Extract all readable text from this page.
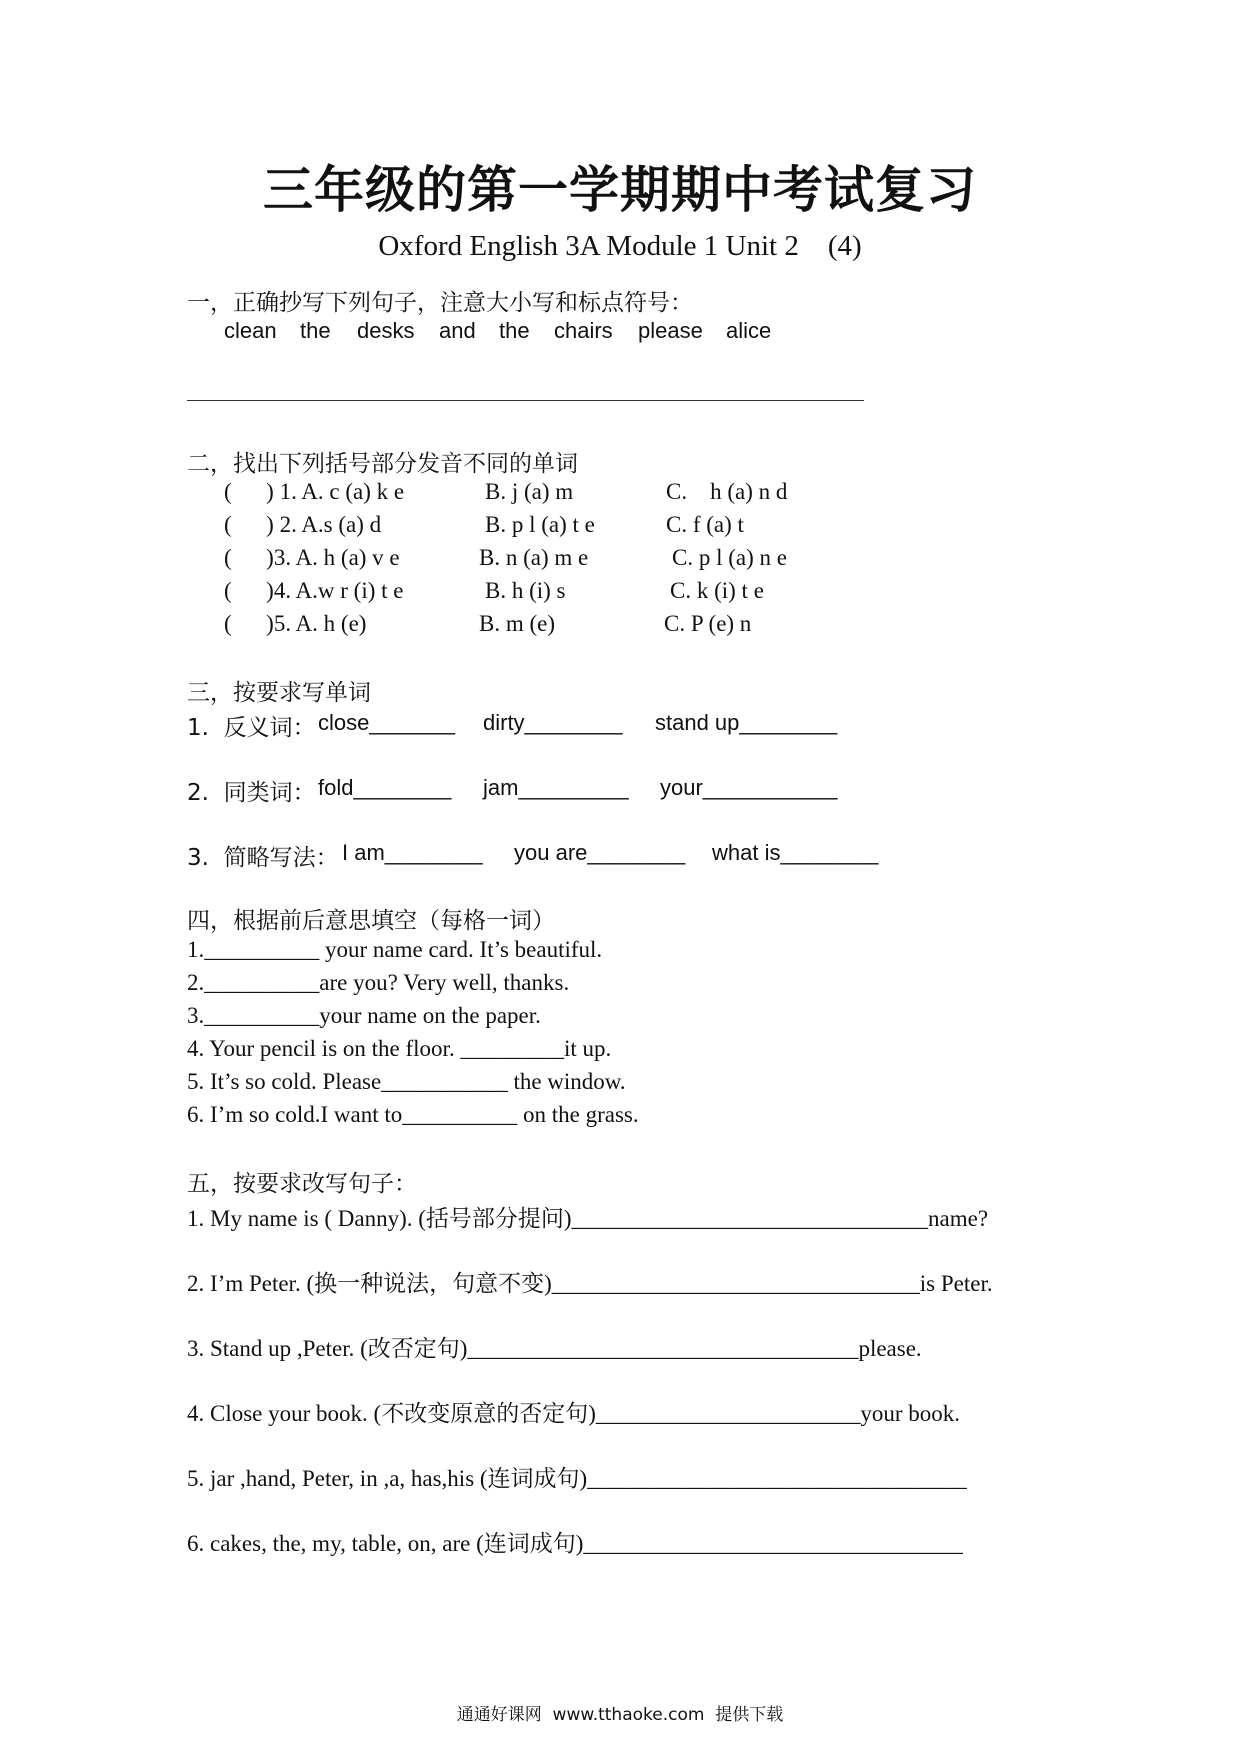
三年级的第一学期期中考试复习
Oxford English 3A Module 1 Unit 2    (4)
一，正确抄写下列句子，注意大小写和标点符号：
clean the desks and the chairs please alice
二，找出下列括号部分发音不同的单词
(      ) 1. A. c (a) k e	B. j (a) m	C.    h (a) n d
(      ) 2. A.s (a) d	B. p l (a) t e	C. f (a) t
(      )3. A. h (a) v e	B. n (a) m e	C. p l (a) n e
(      )4. A.w r (i) t e	B. h (i) s	C. k (i) t e
(      )5. A. h (e)	B. m (e)	C. P (e) n
三，按要求写单词
1.  反义词： close_______ dirty________ stand up________
2.  同类词： fold________ jam_________ your___________
3.  简略写法： I am________ you are________ what is________
四，根据前后意思填空（每格一词）
1.__________ your name card. It’s beautiful.
2.__________are you? Very well, thanks.
3.__________your name on the paper.
4. Your pencil is on the floor. _________it up.
5. It’s so cold. Please___________ the window.
6. I’m so cold.I want to__________ on the grass.
五，按要求改写句子：
1. My name is ( Danny). (括号部分提问)_______________________________name?
2. I’m Peter. (换一种说法，句意不变)________________________________is Peter.
3. Stand up ,Peter. (改否定句)__________________________________please.
4. Close your book. (不改变原意的否定句)_______________________your book.
5. jar ,hand, Peter, in ,a, has,his (连词成句)_________________________________
6. cakes, the, my, table, on, are (连词成句)_________________________________
通通好课网  www.tthaoke.com  提供下载
